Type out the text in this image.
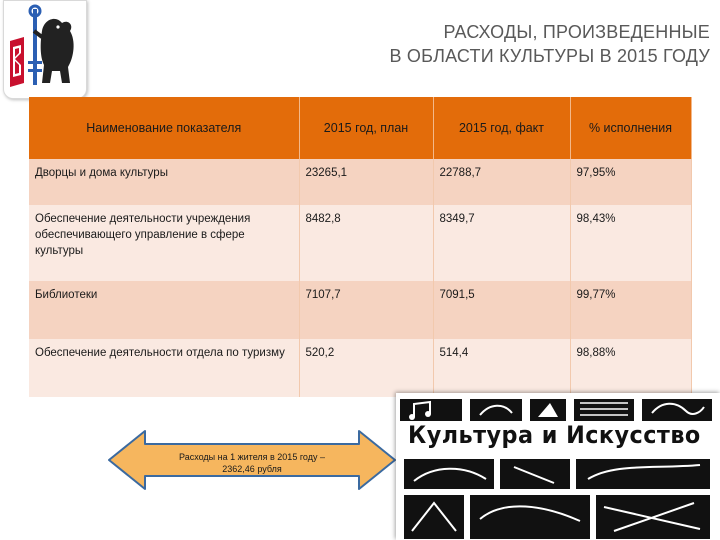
РАСХОДЫ, ПРОИЗВЕДЕННЫЕ
В ОБЛАСТИ КУЛЬТУРЫ В 2015 ГОДУ
Наименование показателя	2015 год, план	2015 год, факт	% исполнения
Дворцы и дома культуры	23265,1	22788,7	97,95%
Обеспечение деятельности учреждения обеспечивающего управление в сфере культуры	8482,8	8349,7	98,43%
Библиотеки	7107,7	7091,5	99,77%
Обеспечение деятельности отдела по туризму	520,2	514,4	98,88%
Расходы на 1 жителя в 2015 году –
2362,46 рубля
Культура и Искусство
